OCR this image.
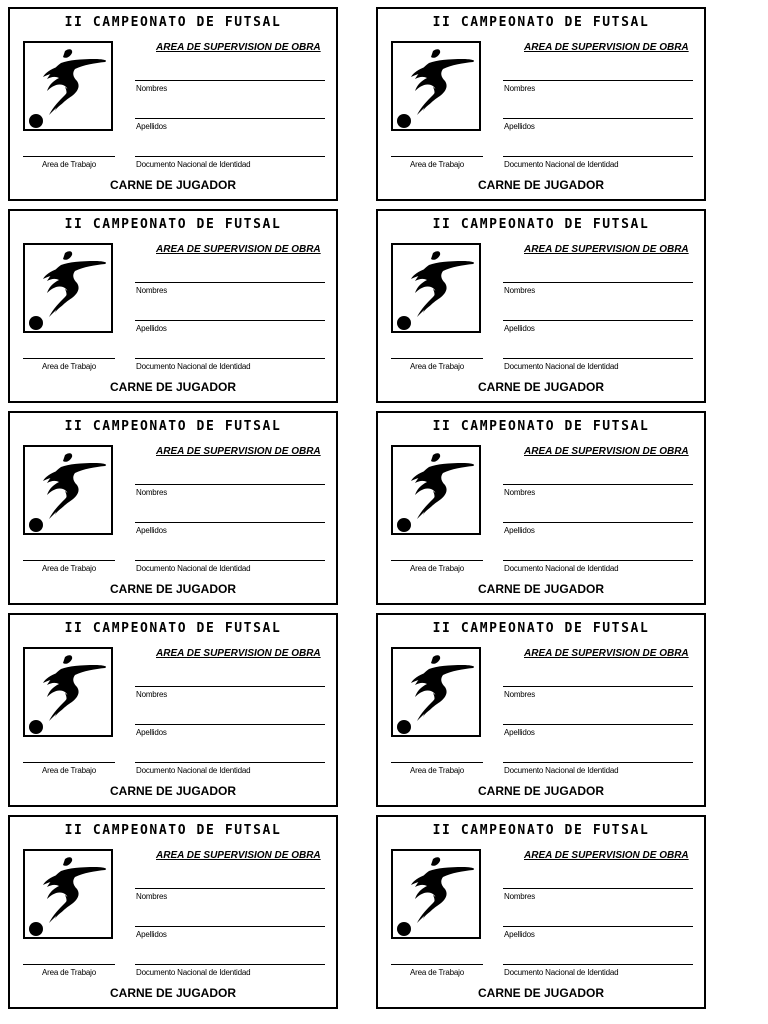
II CAMPEONATO DE FUTSAL
AREA DE SUPERVISION DE OBRA
Nombres
Apellidos
Area de Trabajo	Documento Nacional de Identidad
CARNE DE JUGADOR
II CAMPEONATO DE FUTSAL
AREA DE SUPERVISION DE OBRA
Nombres
Apellidos
Area de Trabajo	Documento Nacional de Identidad
CARNE DE JUGADOR
II CAMPEONATO DE FUTSAL
AREA DE SUPERVISION DE OBRA
Nombres
Apellidos
Area de Trabajo	Documento Nacional de Identidad
CARNE DE JUGADOR
II CAMPEONATO DE FUTSAL
AREA DE SUPERVISION DE OBRA
Nombres
Apellidos
Area de Trabajo	Documento Nacional de Identidad
CARNE DE JUGADOR
II CAMPEONATO DE FUTSAL
AREA DE SUPERVISION DE OBRA
Nombres
Apellidos
Area de Trabajo	Documento Nacional de Identidad
CARNE DE JUGADOR
II CAMPEONATO DE FUTSAL
AREA DE SUPERVISION DE OBRA
Nombres
Apellidos
Area de Trabajo	Documento Nacional de Identidad
CARNE DE JUGADOR
II CAMPEONATO DE FUTSAL
AREA DE SUPERVISION DE OBRA
Nombres
Apellidos
Area de Trabajo	Documento Nacional de Identidad
CARNE DE JUGADOR
II CAMPEONATO DE FUTSAL
AREA DE SUPERVISION DE OBRA
Nombres
Apellidos
Area de Trabajo	Documento Nacional de Identidad
CARNE DE JUGADOR
II CAMPEONATO DE FUTSAL
AREA DE SUPERVISION DE OBRA
Nombres
Apellidos
Area de Trabajo	Documento Nacional de Identidad
CARNE DE JUGADOR
II CAMPEONATO DE FUTSAL
AREA DE SUPERVISION DE OBRA
Nombres
Apellidos
Area de Trabajo	Documento Nacional de Identidad
CARNE DE JUGADOR
